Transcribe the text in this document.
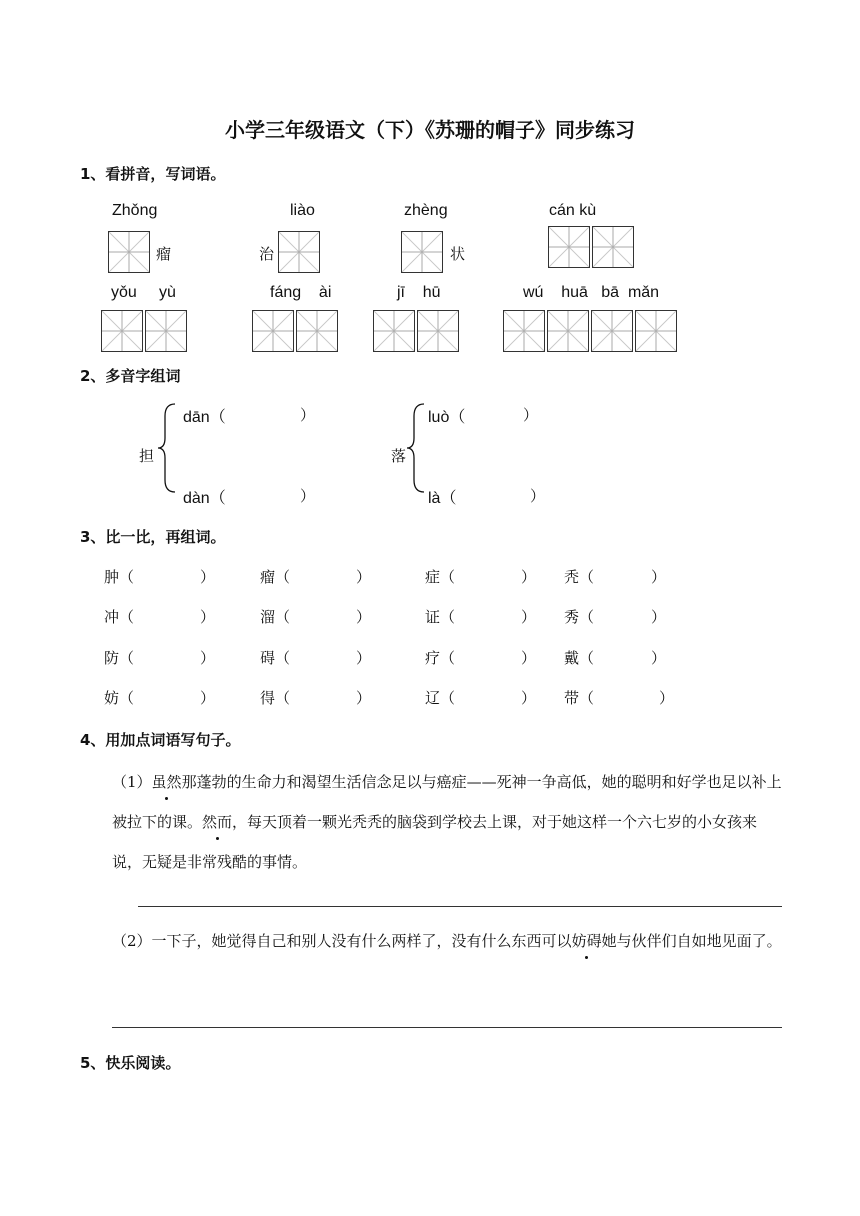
小学三年级语文（下）《苏珊的帽子》同步练习
1、看拼音，写词语。
Zhǒng
瘤
liào
治
zhèng
状
cán kù
yǒu     yù	fáng    ài	jī    hū	wú    huā   bā  mǎn
2、多音字组词
担
dān（	）
dàn（	）
落
luò（	）
là（	）
3、比一比，再组词。
肿（	）	瘤（	）	症（	） 秃（	）
冲（	）	溜（	）	证（	） 秀（	）
防（	）	碍（	）	疗（	） 戴（	）
妨（	）	得（	）	辽（	） 带（	）
4、用加点词语写句子。
（1）虽然那蓬勃的生命力和渴望生活信念足以与癌症——死神一争高低，她的聪明和好学也足以补上被拉下的课。然而，每天顶着一颗光秃秃的脑袋到学校去上课，对于她这样一个六七岁的小女孩来说，无疑是非常残酷的事情。
（2）一下子，她觉得自己和别人没有什么两样了，没有什么东西可以妨碍她与伙伴们自如地见面了。
5、快乐阅读。
